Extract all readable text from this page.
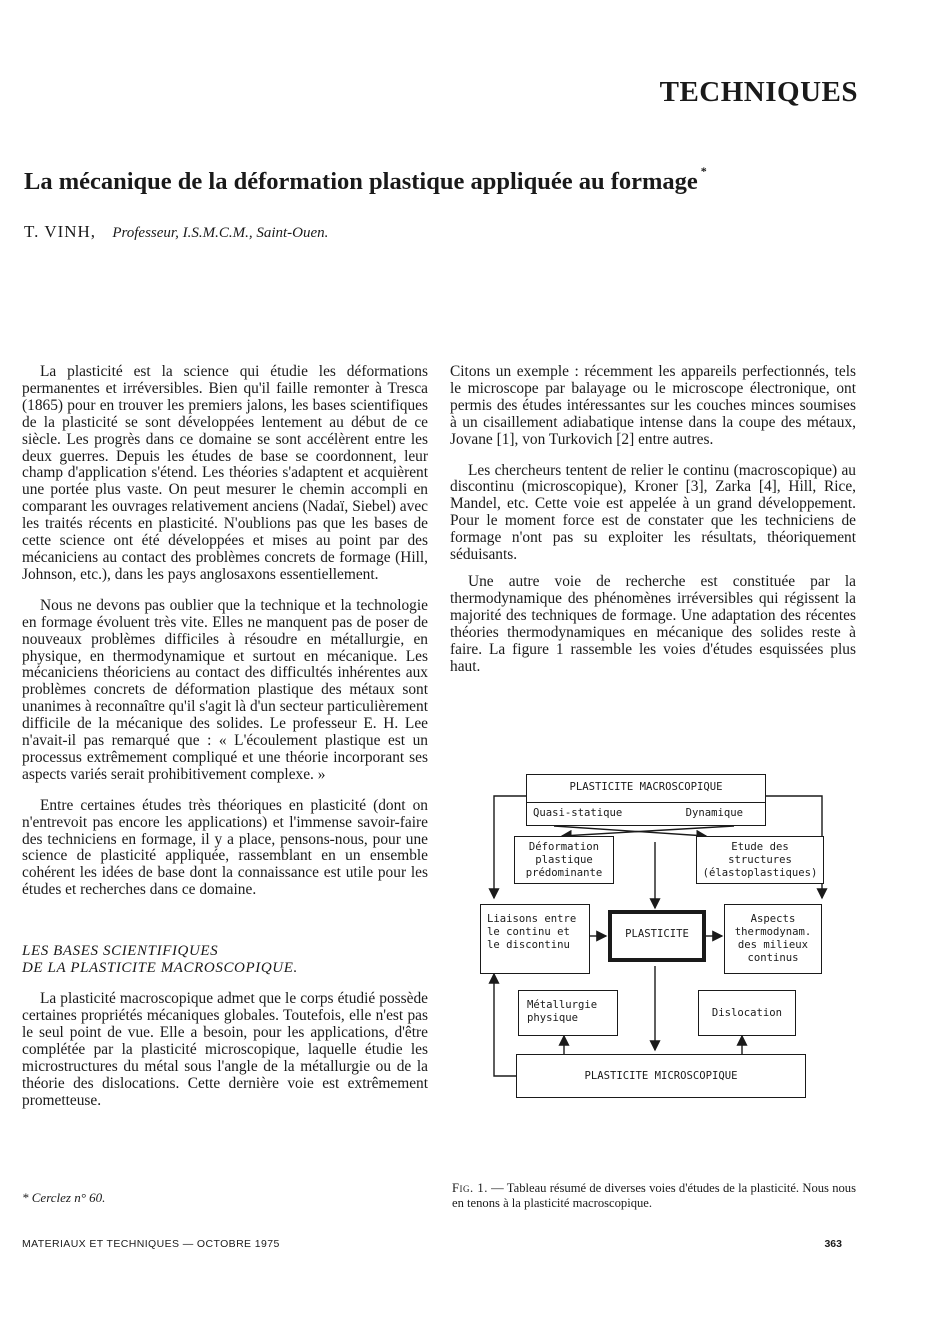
TECHNIQUES
La mécanique de la déformation plastique appliquée au formage *
T. VINH, Professeur, I.S.M.C.M., Saint-Ouen.

La plasticité est la science qui étudie les déformations permanentes et irréversibles. Bien qu'il faille remonter à Tresca (1865) pour en trouver les premiers jalons, les bases scientifiques de la plasticité se sont développées lentement au début de ce siècle. Les progrès dans ce domaine se sont accélèrent entre les deux guerres. Depuis les études de base se coordonnent, leur champ d'application s'étend. Les théories s'adaptent et acquièrent une portée plus vaste. On peut mesurer le chemin accompli en comparant les ouvrages relativement anciens (Nadaï, Siebel) avec les traités récents en plasticité. N'oublions pas que les bases de cette science ont été développées et mises au point par des mécaniciens au contact des problèmes concrets de formage (Hill, Johnson, etc.), dans les pays anglosaxons essentiellement.

Nous ne devons pas oublier que la technique et la technologie en formage évoluent très vite. Elles ne manquent pas de poser de nouveaux problèmes difficiles à résoudre en métallurgie, en physique, en thermodynamique et surtout en mécanique. Les mécaniciens théoriciens au contact des difficultés inhérentes aux problèmes concrets de déformation plastique des métaux sont unanimes à reconnaître qu'il s'agit là d'un secteur particulièrement difficile de la mécanique des solides. Le professeur E. H. Lee n'avait-il pas remarqué que : « L'écoulement plastique est un processus extrêmement compliqué et une théorie incorporant ses aspects variés serait prohibitivement complexe. »

Entre certaines études très théoriques en plasticité (dont on n'entrevoit pas encore les applications) et l'immense savoir-faire des techniciens en formage, il y a place, pensons-nous, pour une science de plasticité appliquée, rassemblant en un ensemble cohérent les idées de base dont la connaissance est utile pour les études et recherches dans ce domaine.

LES BASES SCIENTIFIQUES
DE LA PLASTICITE MACROSCOPIQUE.

La plasticité macroscopique admet que le corps étudié possède certaines propriétés mécaniques globales. Toutefois, elle n'est pas le seul point de vue. Elle a besoin, pour les applications, d'être complétée par la plasticité microscopique, laquelle étudie les microstructures du métal sous l'angle de la métallurgie ou de la théorie des dislocations. Cette dernière voie est extrêmement prometteuse.

Citons un exemple : récemment les appareils perfectionnés, tels le microscope par balayage ou le microscope électronique, ont permis des études intéressantes sur les couches minces soumises à un cisaillement adiabatique intense dans la coupe des métaux, Jovane [1], von Turkovich [2] entre autres.

Les chercheurs tentent de relier le continu (macroscopique) au discontinu (microscopique), Kroner [3], Zarka [4], Hill, Rice, Mandel, etc. Cette voie est appelée à un grand développement. Pour le moment force est de constater que les techniciens de formage n'ont pas su exploiter les résultats, théoriquement séduisants.

Une autre voie de recherche est constituée par la thermodynamique des phénomènes irréversibles qui régissent la majorité des techniques de formage. Une adaptation des récentes théories thermodynamiques en mécanique des solides reste à faire. La figure 1 rassemble les voies d'études esquissées plus haut.

PLASTICITE MACROSCOPIQUE
Quasi-statique	Dynamique
Déformation
plastique
prédominante
Etude des
structures
(élastoplastiques)
Liaisons entre
le continu et
le discontinu
PLASTICITE
Aspects
thermodynam.
des milieux
continus
Métallurgie
physique	Dislocation
PLASTICITE MICROSCOPIQUE
Fig. 1. — Tableau résumé de diverses voies d'études de la plasticité. Nous nous en tenons à la plasticité macroscopique.
* Cerclez n° 60.
MATERIAUX ET TECHNIQUES — OCTOBRE 1975	363
